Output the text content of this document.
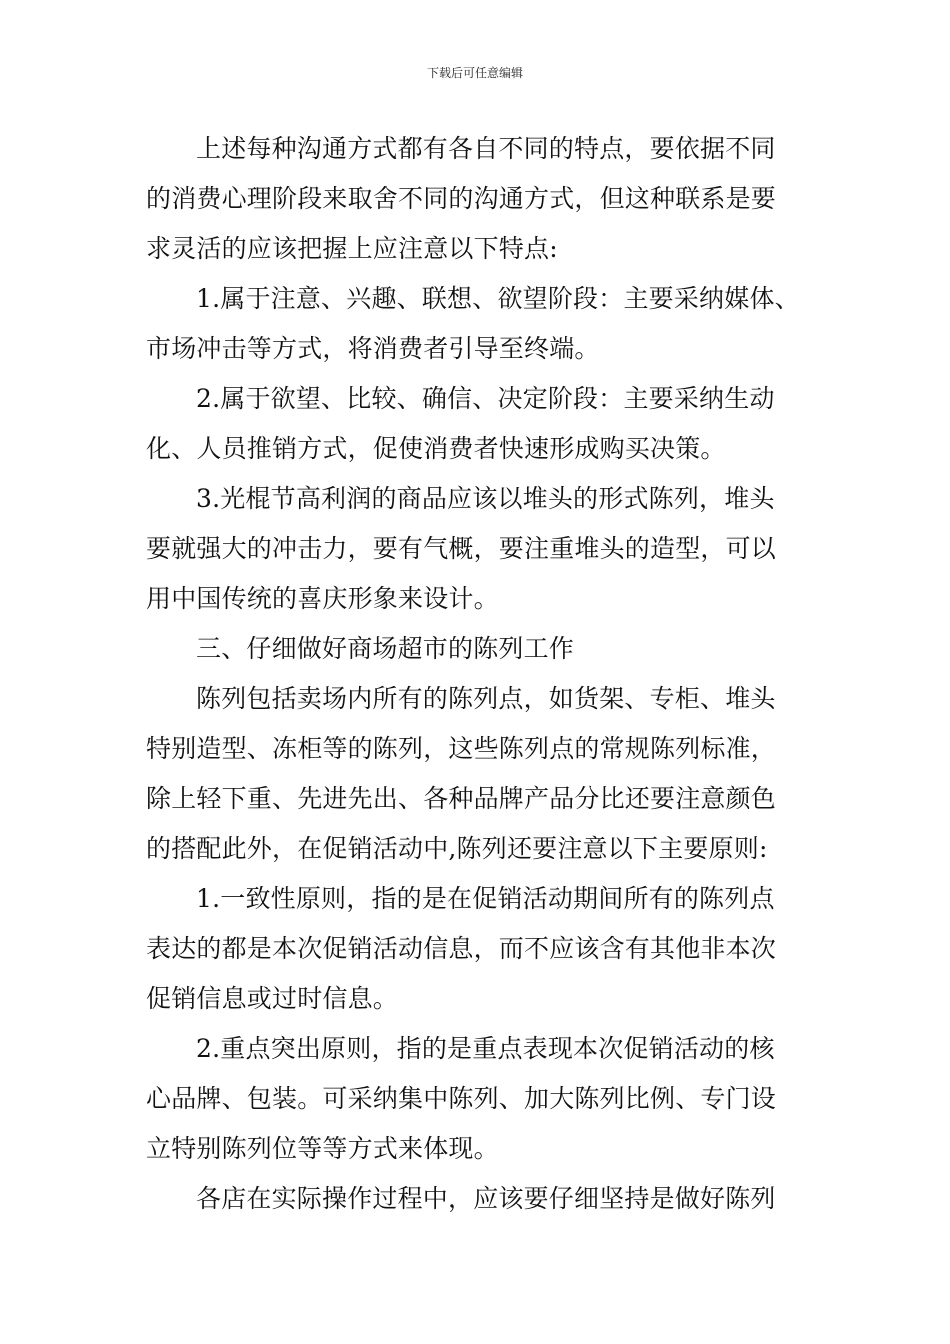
下载后可任意编辑

上述每种沟通方式都有各自不同的特点，要依据不同

的消费心理阶段来取舍不同的沟通方式，但这种联系是要

求灵活的应该把握上应注意以下特点:

1.属于注意、兴趣、联想、欲望阶段：主要采纳媒体、

市场冲击等方式，将消费者引导至终端。

2.属于欲望、比较、确信、决定阶段：主要采纳生动

化、人员推销方式，促使消费者快速形成购买决策。

3.光棍节高利润的商品应该以堆头的形式陈列，堆头

要就强大的冲击力，要有气概，要注重堆头的造型，可以

用中国传统的喜庆形象来设计。

三、仔细做好商场超市的陈列工作

陈列包括卖场内所有的陈列点，如货架、专柜、堆头

特别造型、冻柜等的陈列，这些陈列点的常规陈列标准，

除上轻下重、先进先出、各种品牌产品分比还要注意颜色

的搭配此外，在促销活动中,陈列还要注意以下主要原则:

1.一致性原则，指的是在促销活动期间所有的陈列点

表达的都是本次促销活动信息，而不应该含有其他非本次

促销信息或过时信息。

2.重点突出原则，指的是重点表现本次促销活动的核

心品牌、包装。可采纳集中陈列、加大陈列比例、专门设

立特别陈列位等等方式来体现。

各店在实际操作过程中，应该要仔细坚持是做好陈列
